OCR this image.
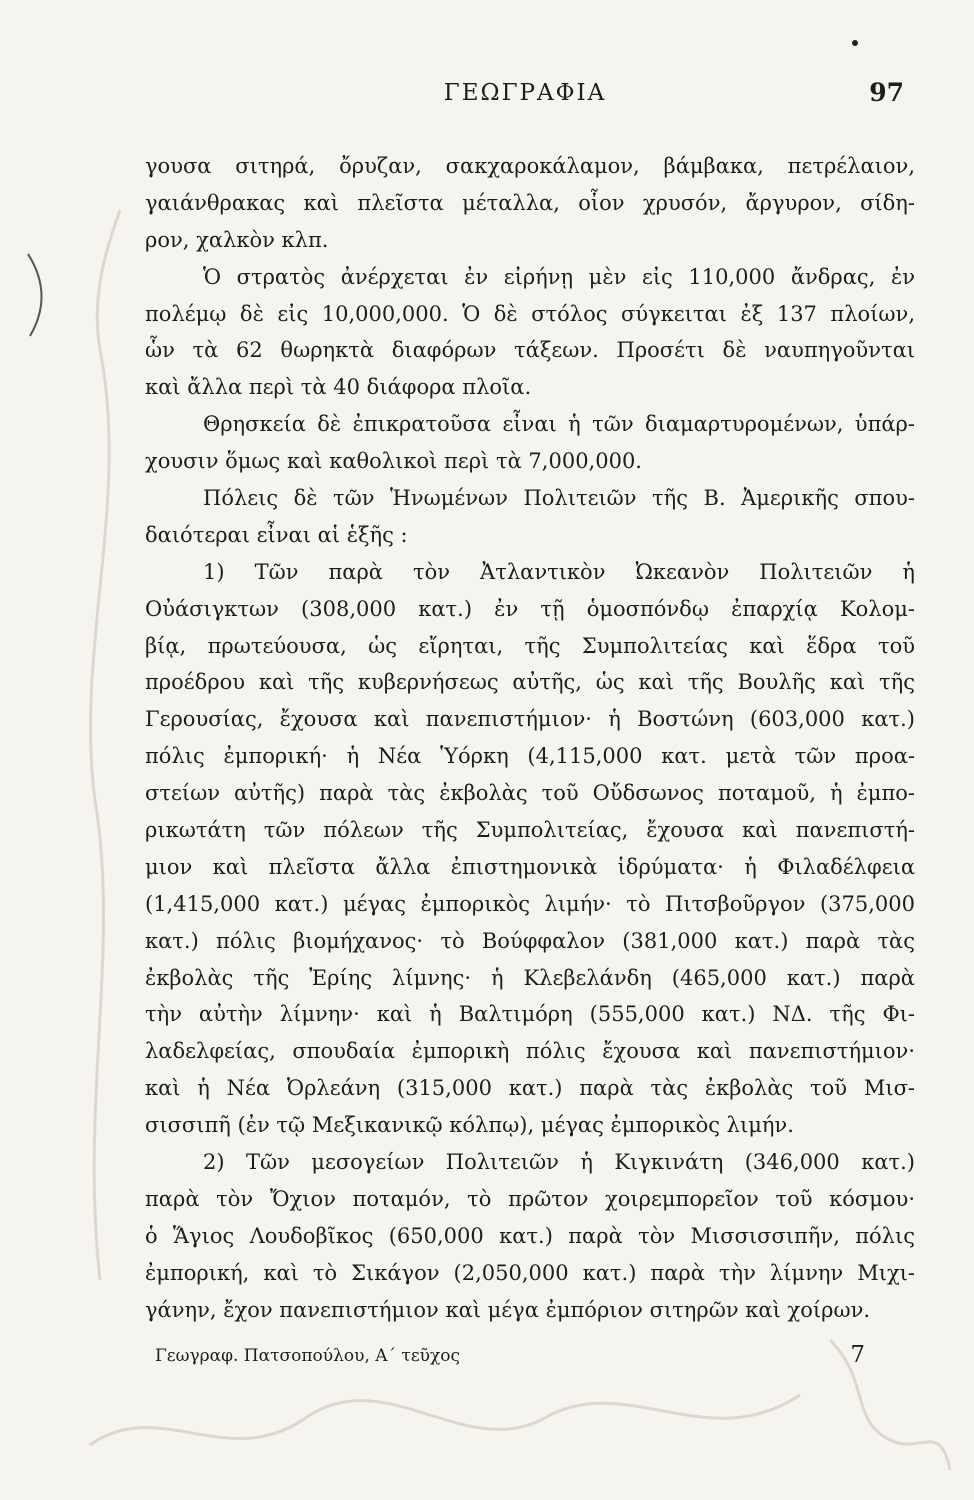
ΓΕΩΓΡΑΦΙΑ	97
γουσα σιτηρά, ὄρυζαν, σακχαροκάλαμον, βάμβακα, πετρέλαιον,
γαιάνθρακας καὶ πλεῖστα μέταλλα, οἷον χρυσόν, ἄργυρον, σίδη-
ρον, χαλκὸν κλπ.
Ὁ στρατὸς ἀνέρχεται ἐν εἰρήνῃ μὲν εἰς 110,000 ἄνδρας, ἐν
πολέμῳ δὲ εἰς 10,000,000. Ὁ δὲ στόλος σύγκειται ἐξ 137 πλοίων,
ὧν τὰ 62 θωρηκτὰ διαφόρων τάξεων. Προσέτι δὲ ναυπηγοῦνται
καὶ ἄλλα περὶ τὰ 40 διάφορα πλοῖα.
Θρησκεία δὲ ἐπικρατοῦσα εἶναι ἡ τῶν διαμαρτυρομένων, ὑπάρ-
χουσιν ὅμως καὶ καθολικοὶ περὶ τὰ 7,000,000.
Πόλεις δὲ τῶν Ἡνωμένων Πολιτειῶν τῆς Β. Ἀμερικῆς σπου-
δαιότεραι εἶναι αἱ ἑξῆς :
1) Τῶν παρὰ τὸν Ἀτλαντικὸν Ὠκεανὸν Πολιτειῶν ἡ
Οὐάσιγκτων (308,000 κατ.) ἐν τῇ ὁμοσπόνδῳ ἐπαρχίᾳ Κολομ-
βίᾳ, πρωτεύουσα, ὡς εἴρηται, τῆς Συμπολιτείας καὶ ἕδρα τοῦ
προέδρου καὶ τῆς κυβερνήσεως αὐτῆς, ὡς καὶ τῆς Βουλῆς καὶ τῆς
Γερουσίας, ἔχουσα καὶ πανεπιστήμιον· ἡ Βοστώνη (603,000 κατ.)
πόλις ἐμπορική· ἡ Νέα Ὑόρκη (4,115,000 κατ. μετὰ τῶν προα-
στείων αὐτῆς) παρὰ τὰς ἐκβολὰς τοῦ Οὔδσωνος ποταμοῦ, ἡ ἐμπο-
ρικωτάτη τῶν πόλεων τῆς Συμπολιτείας, ἔχουσα καὶ πανεπιστή-
μιον καὶ πλεῖστα ἄλλα ἐπιστημονικὰ ἱδρύματα· ἡ Φιλαδέλφεια
(1,415,000 κατ.) μέγας ἐμπορικὸς λιμήν· τὸ Πιτσβοῦργον (375,000
κατ.) πόλις βιομήχανος· τὸ Βούφφαλον (381,000 κατ.) παρὰ τὰς
ἐκβολὰς τῆς Ἐρίης λίμνης· ἡ Κλεβελάνδη (465,000 κατ.) παρὰ
τὴν αὐτὴν λίμνην· καὶ ἡ Βαλτιμόρη (555,000 κατ.) ΝΔ. τῆς Φι-
λαδελφείας, σπουδαία ἐμπορικὴ πόλις ἔχουσα καὶ πανεπιστήμιον·
καὶ ἡ Νέα Ὀρλεάνη (315,000 κατ.) παρὰ τὰς ἐκβολὰς τοῦ Μισ-
σισσιπῆ (ἐν τῷ Μεξικανικῷ κόλπῳ), μέγας ἐμπορικὸς λιμήν.
2) Τῶν μεσογείων Πολιτειῶν ἡ Κιγκινάτη (346,000 κατ.)
παρὰ τὸν Ὄχιον ποταμόν, τὸ πρῶτον χοιρεμπορεῖον τοῦ κόσμου·
ὁ Ἅγιος Λουδοβῖκος (650,000 κατ.) παρὰ τὸν Μισσισσιπῆν, πόλις
ἐμπορική, καὶ τὸ Σικάγον (2,050,000 κατ.) παρὰ τὴν λίμνην Μιχι-
γάνην, ἔχον πανεπιστήμιον καὶ μέγα ἐμπόριον σιτηρῶν καὶ χοίρων.
Γεωγραφ. Πατσοπούλου, Α΄ τεῦχος	7
